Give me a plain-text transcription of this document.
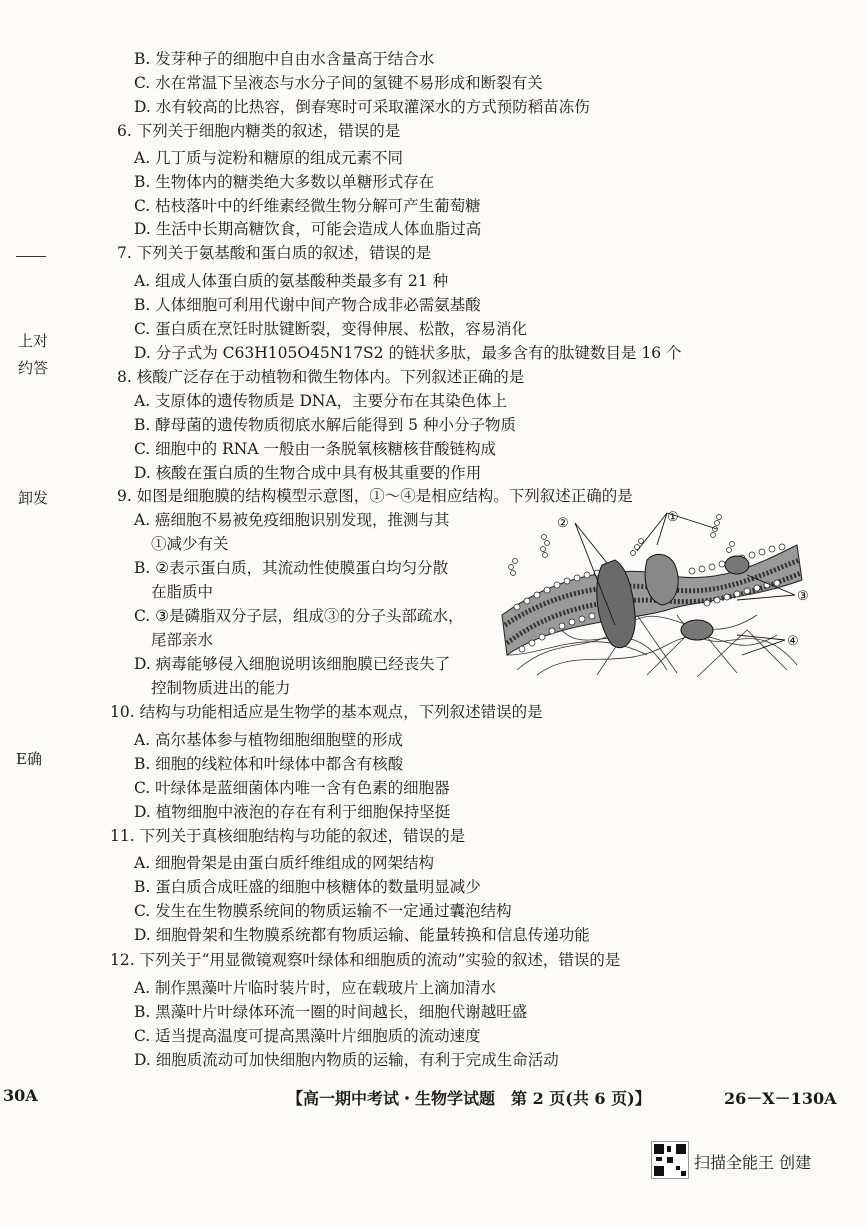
上对
约答
卸发
E确
B. 发芽种子的细胞中自由水含量高于结合水
C. 水在常温下呈液态与水分子间的氢键不易形成和断裂有关
D. 水有较高的比热容，倒春寒时可采取灌深水的方式预防稻苗冻伤
6. 下列关于细胞内糖类的叙述，错误的是
A. 几丁质与淀粉和糖原的组成元素不同
B. 生物体内的糖类绝大多数以单糖形式存在
C. 枯枝落叶中的纤维素经微生物分解可产生葡萄糖
D. 生活中长期高糖饮食，可能会造成人体血脂过高
7. 下列关于氨基酸和蛋白质的叙述，错误的是
A. 组成人体蛋白质的氨基酸种类最多有 21 种
B. 人体细胞可利用代谢中间产物合成非必需氨基酸
C. 蛋白质在烹饪时肽键断裂，变得伸展、松散，容易消化
D. 分子式为 C63H105O45N17S2 的链状多肽，最多含有的肽键数目是 16 个
8. 核酸广泛存在于动植物和微生物体内。下列叙述正确的是
A. 支原体的遗传物质是 DNA，主要分布在其染色体上
B. 酵母菌的遗传物质彻底水解后能得到 5 种小分子物质
C. 细胞中的 RNA 一般由一条脱氧核糖核苷酸链构成
D. 核酸在蛋白质的生物合成中具有极其重要的作用
9. 如图是细胞膜的结构模型示意图，①～④是相应结构。下列叙述正确的是
A. 癌细胞不易被免疫细胞识别发现，推测与其
①减少有关
B. ②表示蛋白质，其流动性使膜蛋白均匀分散
在脂质中
C. ③是磷脂双分子层，组成③的分子头部疏水，
尾部亲水
D. 病毒能够侵入细胞说明该细胞膜已经丧失了
控制物质进出的能力
10. 结构与功能相适应是生物学的基本观点，下列叙述错误的是
A. 高尔基体参与植物细胞细胞壁的形成
B. 细胞的线粒体和叶绿体中都含有核酸
C. 叶绿体是蓝细菌体内唯一含有色素的细胞器
D. 植物细胞中液泡的存在有利于细胞保持坚挺
11. 下列关于真核细胞结构与功能的叙述，错误的是
A. 细胞骨架是由蛋白质纤维组成的网架结构
B. 蛋白质合成旺盛的细胞中核糖体的数量明显减少
C. 发生在生物膜系统间的物质运输不一定通过囊泡结构
D. 细胞骨架和生物膜系统都有物质运输、能量转换和信息传递功能
12. 下列关于“用显微镜观察叶绿体和细胞质的流动”实验的叙述，错误的是
A. 制作黑藻叶片临时装片时，应在载玻片上滴加清水
B. 黑藻叶片叶绿体环流一圈的时间越长，细胞代谢越旺盛
C. 适当提高温度可提高黑藻叶片细胞质的流动速度
D. 细胞质流动可加快细胞内物质的运输，有利于完成生命活动
②	①
③
④
30A	【高一期中考试・生物学试题　第 2 页(共 6 页)】	26－X－130A
扫描全能王 创建
